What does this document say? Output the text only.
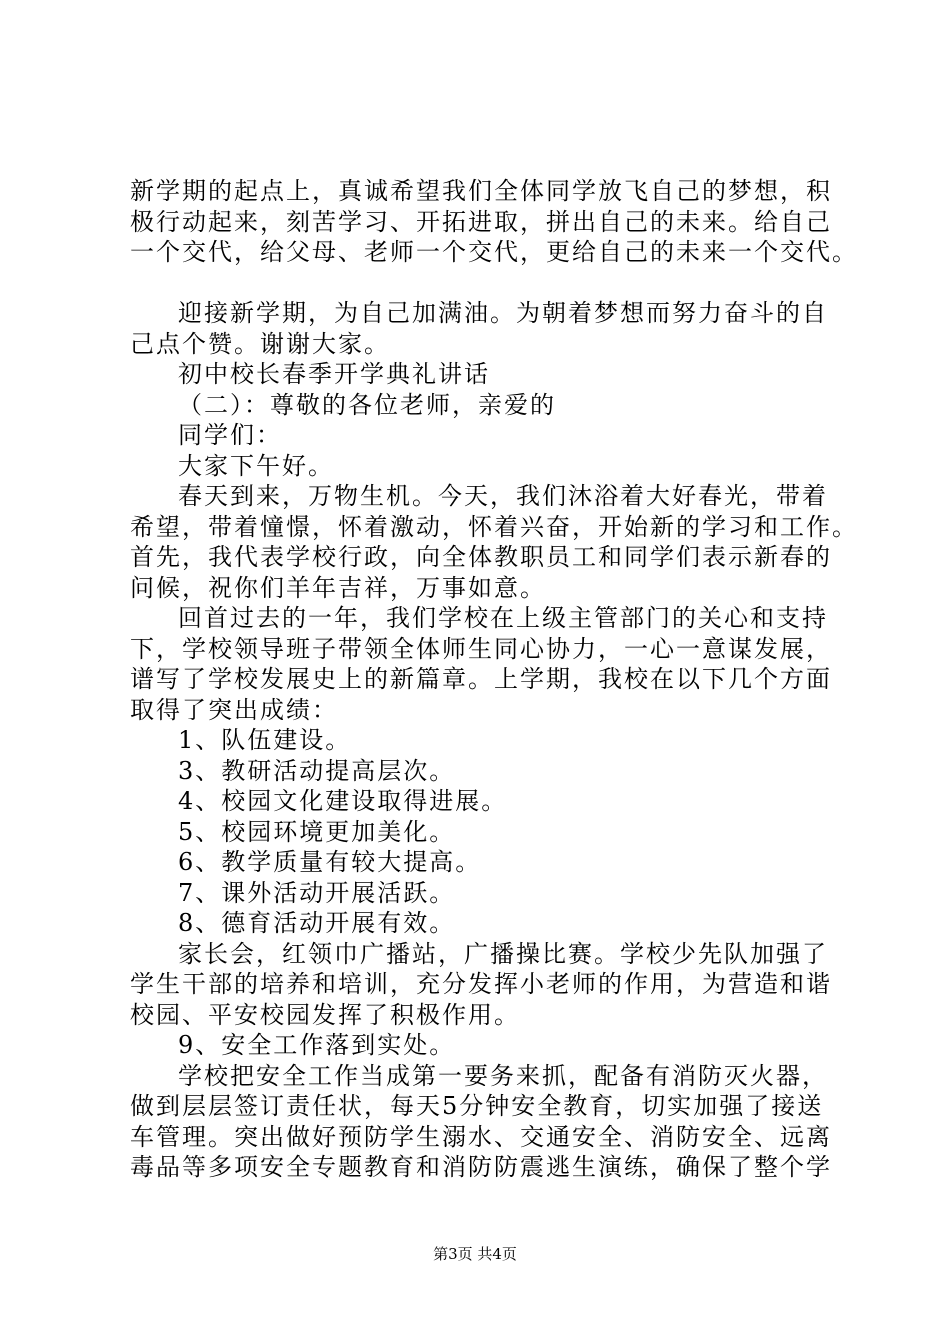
新学期的起点上，真诚希望我们全体同学放飞自己的梦想，积
极行动起来，刻苦学习、开拓进取，拼出自己的未来。给自己
一个交代，给父母、老师一个交代，更给自己的未来一个交代。
迎接新学期，为自己加满油。为朝着梦想而努力奋斗的自
己点个赞。谢谢大家。
初中校长春季开学典礼讲话
（二）：尊敬的各位老师，亲爱的
同学们：
大家下午好。
春天到来，万物生机。今天，我们沐浴着大好春光，带着
希望，带着憧憬，怀着激动，怀着兴奋，开始新的学习和工作。
首先，我代表学校行政，向全体教职员工和同学们表示新春的
问候，祝你们羊年吉祥，万事如意。
回首过去的一年，我们学校在上级主管部门的关心和支持
下，学校领导班子带领全体师生同心协力，一心一意谋发展，
谱写了学校发展史上的新篇章。上学期，我校在以下几个方面
取得了突出成绩：
1、队伍建设。
3、教研活动提高层次。
4、校园文化建设取得进展。
5、校园环境更加美化。
6、教学质量有较大提高。
7、课外活动开展活跃。
8、德育活动开展有效。
家长会，红领巾广播站，广播操比赛。学校少先队加强了
学生干部的培养和培训，充分发挥小老师的作用，为营造和谐
校园、平安校园发挥了积极作用。
9、安全工作落到实处。
学校把安全工作当成第一要务来抓，配备有消防灭火器，
做到层层签订责任状，每天5分钟安全教育，切实加强了接送
车管理。突出做好预防学生溺水、交通安全、消防安全、远离
毒品等多项安全专题教育和消防防震逃生演练，确保了整个学
第3页 共4页
